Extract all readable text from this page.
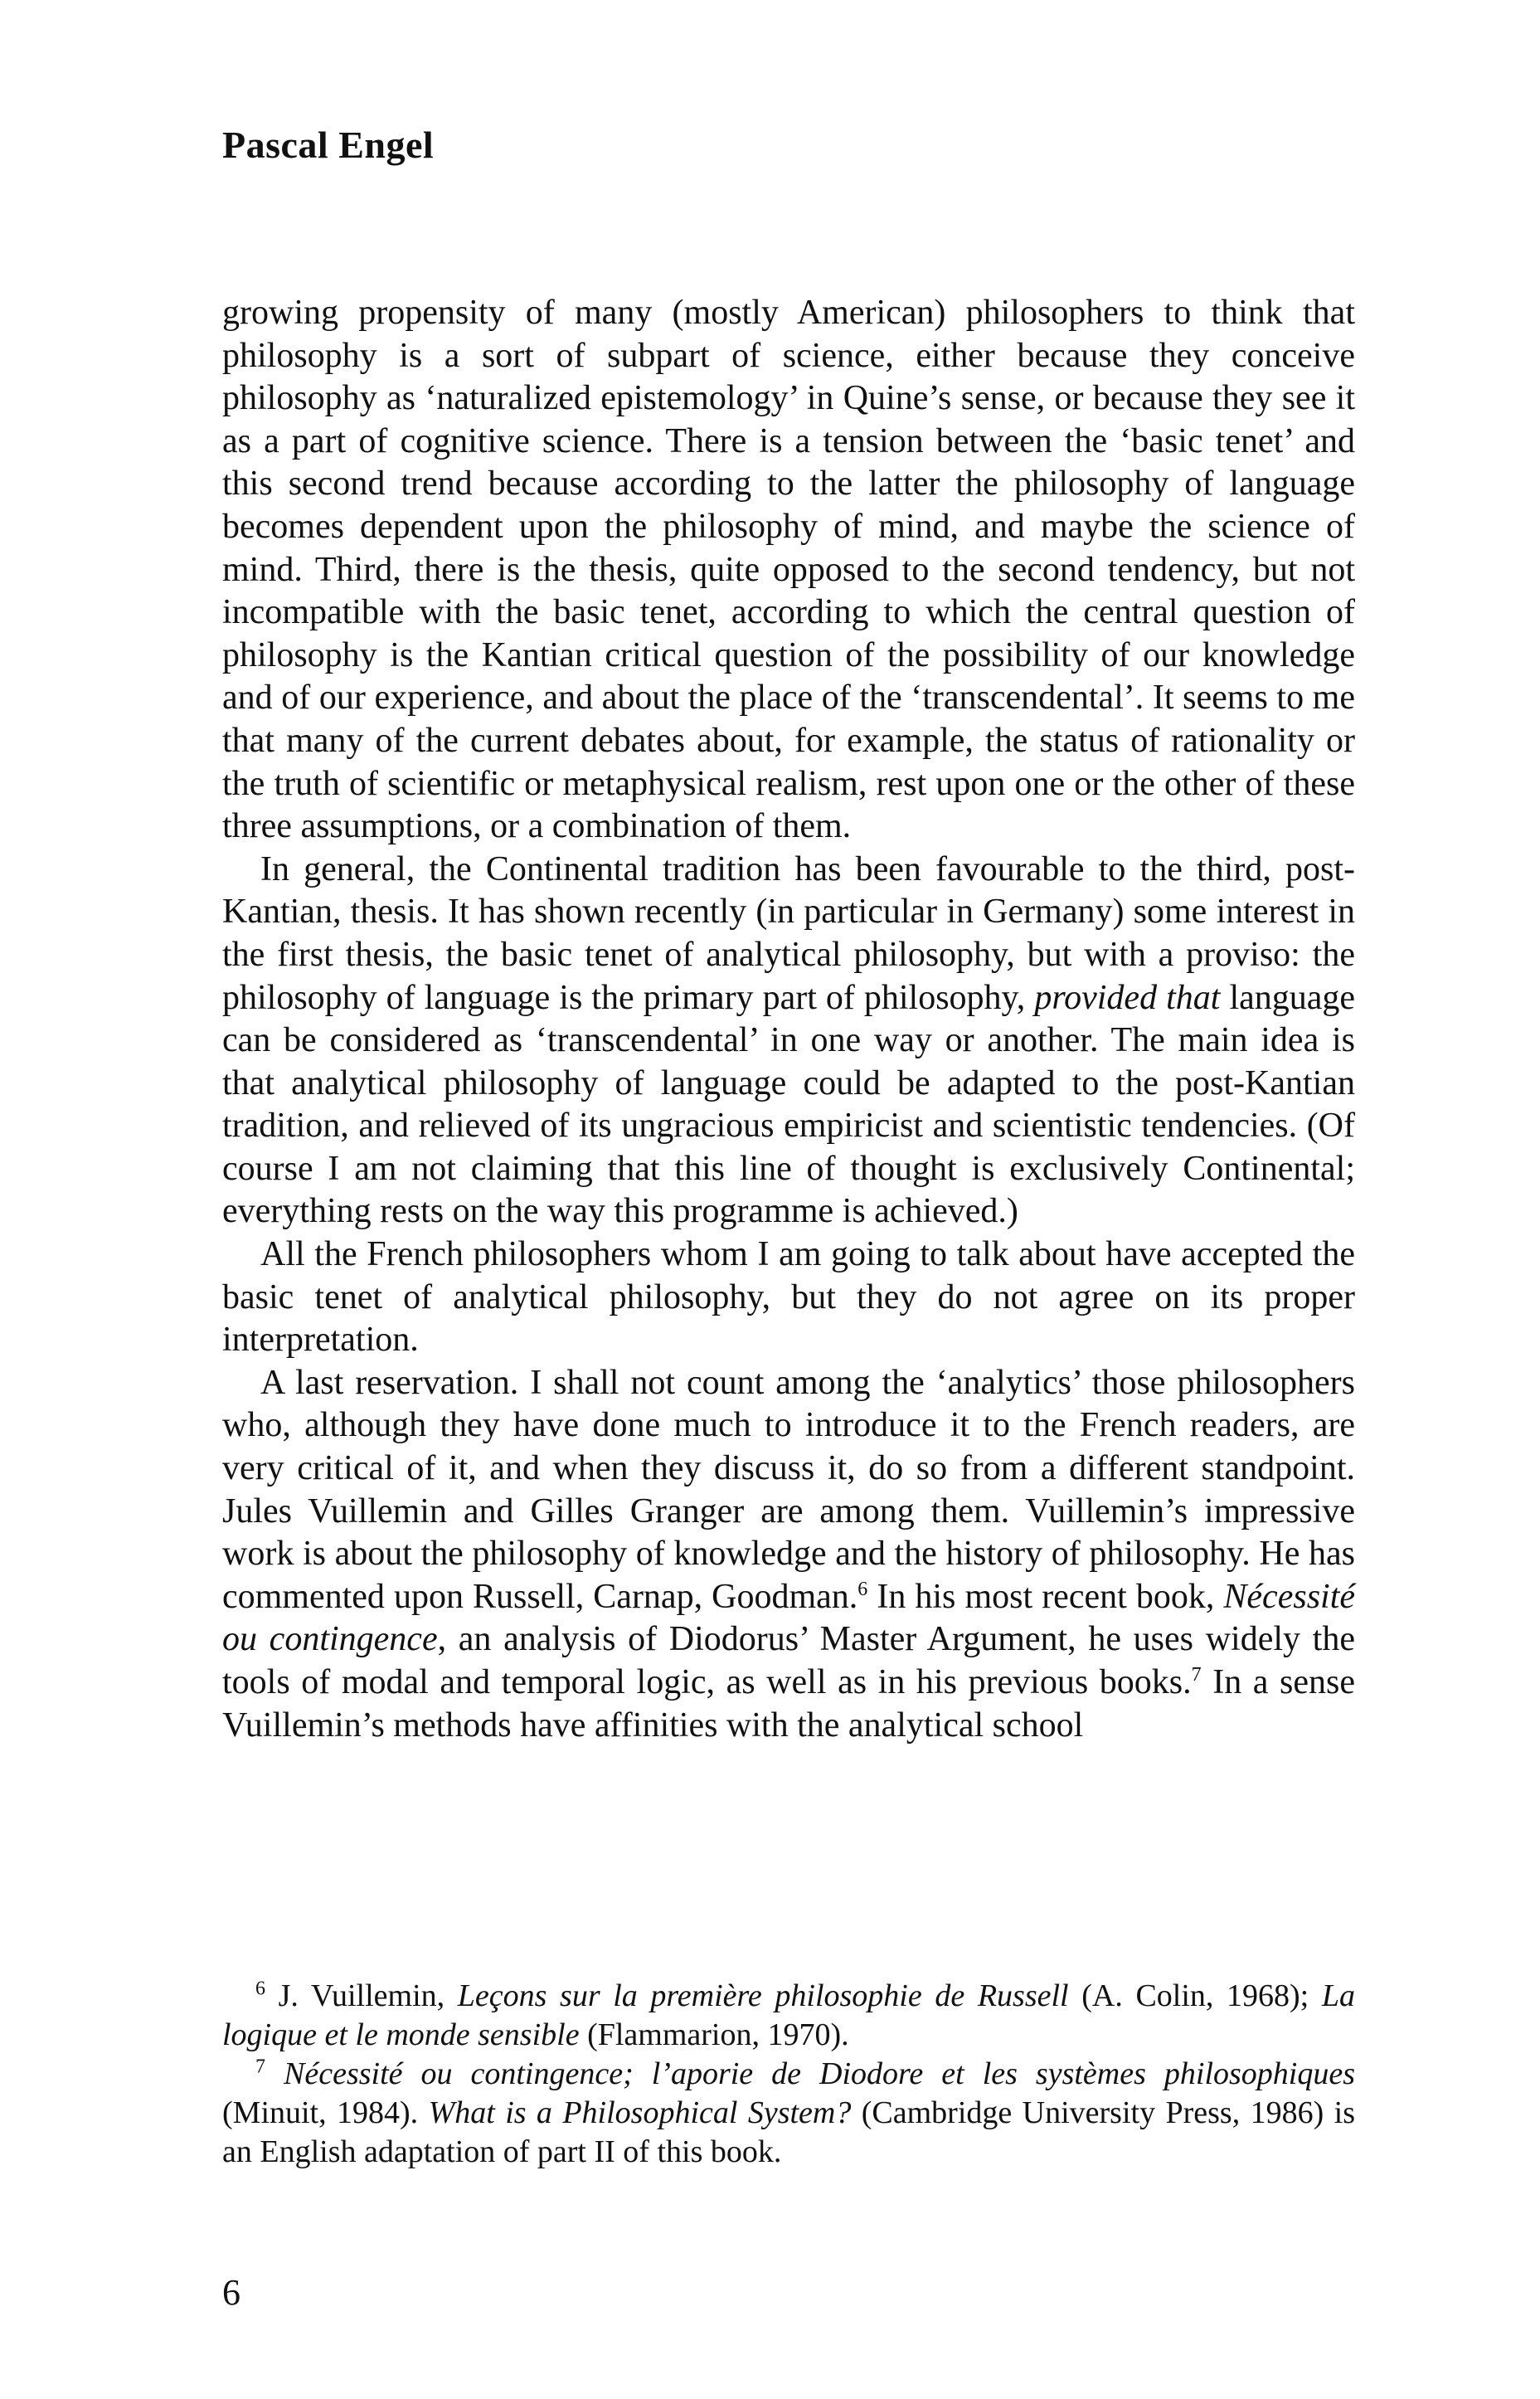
Pascal Engel

growing propensity of many (mostly American) philosophers to think that philosophy is a sort of subpart of science, either because they conceive philosophy as ‘naturalized epistemology’ in Quine’s sense, or because they see it as a part of cognitive science. There is a tension between the ‘basic tenet’ and this second trend because according to the latter the philosophy of language becomes dependent upon the philosophy of mind, and maybe the science of mind. Third, there is the thesis, quite opposed to the second tendency, but not incompatible with the basic tenet, according to which the central question of philosophy is the Kantian critical question of the possibility of our knowledge and of our experience, and about the place of the ‘transcendental’. It seems to me that many of the current debates about, for example, the status of rationality or the truth of scientific or metaphysical realism, rest upon one or the other of these three assumptions, or a combination of them.

In general, the Continental tradition has been favourable to the third, post-Kantian, thesis. It has shown recently (in particular in Germany) some interest in the first thesis, the basic tenet of analytical philosophy, but with a proviso: the philosophy of language is the primary part of philosophy, provided that language can be considered as ‘transcendental’ in one way or another. The main idea is that analytical philosophy of language could be adapted to the post-Kantian tradition, and relieved of its ungracious empiricist and scientistic tendencies. (Of course I am not claiming that this line of thought is exclusively Continental; everything rests on the way this programme is achieved.)

All the French philosophers whom I am going to talk about have accepted the basic tenet of analytical philosophy, but they do not agree on its proper interpretation.

A last reservation. I shall not count among the ‘analytics’ those philosophers who, although they have done much to introduce it to the French readers, are very critical of it, and when they discuss it, do so from a different standpoint. Jules Vuillemin and Gilles Granger are among them. Vuillemin’s impressive work is about the philosophy of knowledge and the history of philosophy. He has commented upon Russell, Carnap, Goodman.$^6$ In his most recent book, Nécessité ou contingence, an analysis of Diodorus’ Master Argument, he uses widely the tools of modal and temporal logic, as well as in his previous books.$^7$ In a sense Vuillemin’s methods have affinities with the analytical school

$^6$ J. Vuillemin, Leçons sur la première philosophie de Russell (A. Colin, 1968); La logique et le monde sensible (Flammarion, 1970).

$^7$ Nécessité ou contingence; l’aporie de Diodore et les systèmes philosophiques (Minuit, 1984). What is a Philosophical System? (Cambridge University Press, 1986) is an English adaptation of part II of this book.

6
